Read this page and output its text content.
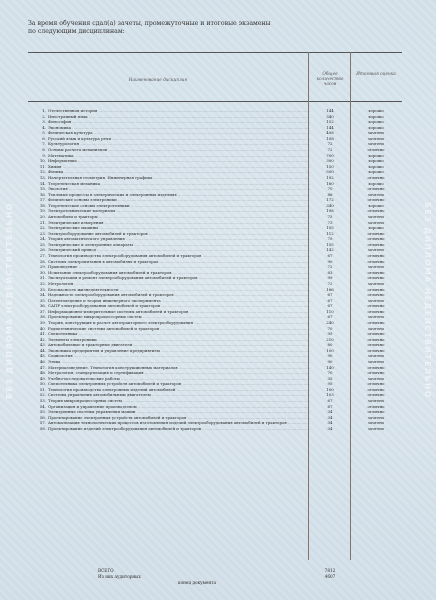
БЕЗ ДИПЛОМА НЕДЕЙСТВИТЕЛЬНО	БЕЗ ДИПЛОМА НЕДЕЙСТВИТЕЛЬНО
За время обучения сдал(а) зачеты, промежуточные и итоговые экзамены
по следующим дисциплинам:
Наименование дисциплин
Общее количество часов
Итоговая оценка
1. Отечественная история .....	144	хорошо
2. Иностранный язык .....	340	хорошо
3. Философия .....	152	хорошо
4. Экономика .....	144	хорошо
5. Физическая культура .....	408	зачтено
6. Русский язык и культура речи .....	108	зачтено
7. Культурология .....	72	зачтено
8. Основы расчета механизмов .....	72	отлично
9. Математика .....	700	хорошо
10. Информатика .....	300	хорошо
11. Химия .....	150	хорошо
12. Физика .....	500	хорошо
13. Начертательная геометрия. Инженерная графика .....	192	отлично
14. Теоретическая механика .....	180	хорошо
15. Экология .....	70	отлично
16. Тепловые процессы в электрических и электронных изделиях .....	86	зачтено
17. Физические основы электроники .....	172	отлично
18. Теоретические основы электротехники .....	340	хорошо
19. Электротехнические материалы .....	198	отлично
20. Автомобили и тракторы .....	75	зачтено
21. Электрические измерения .....	73	зачтено
22. Электрические машины .....	155	хорошо
23. Электрооборудование автомобилей и тракторов .....	112	отлично
24. Теория автоматического управления .....	75	отлично
25. Электрические и электронные аппараты .....	155	отлично
26. Электрический привод .....	142	зачтено
27. Технология производства электрооборудования автомобилей и тракторов .....	67	отлично
28. Системы электропитания в автомобилях и тракторах .....	90	отлично
29. Правоведение .....	72	зачтено
30. Испытание электрооборудования автомобилей и тракторов .....	83	отлично
31. Эксплуатация и ремонт электрооборудования автомобилей и тракторов .....	99	отлично
32. Метрология .....	72	зачтено
33. Безопасность жизнедеятельности .....	166	отлично
34. Надежность электрооборудования автомобилей и тракторов .....	67	отлично
35. Патентоведение и теория инженерного эксперимента .....	67	зачтено
36. САПР электрооборудования автомобилей и тракторов .....	67	отлично
37. Информационно-измерительные системы автомобилей и тракторов .....	110	отлично
38. Проектирование микропроцессорных систем .....	67	зачтено
39. Теория, конструкция и расчет автотракторного электрооборудования .....	240	отлично
40. Радиотехнические системы автомобилей и тракторов .....	70	зачтено
41. Схемотехника .....	95	отлично
42. Элементы электроники .....	210	отлично
43. Автомобильные и тракторные двигатели .....	80	отлично
44. Экономика предприятия и управление предприятием .....	100	отлично
45. Социология .....	90	зачтено
46. Этика .....	90	зачтено
47. Материаловедение. Технология конструкционных материалов .....	140	отлично
48. Метрология, стандартизация и сертификация .....	70	отлично
49. Учебно-исследовательские работы .....	35	зачтено
50. Схемотехника электронных устройств автомобилей и тракторов .....	95	отлично
51. Технология производства электронных изделий автомобилей .....	100	отлично
52. Системы управления автомобильным двигателем .....	103	отлично
53. Теория микропроцессорных систем .....	67	зачтено
54. Организация и управление производством .....	67	отлично
55. Электронные системы управления машин .....	34	отлично
56. Проектирование электронных устройств автомобилей и тракторов .....	34	зачтено
57. Автоматизация технологических процессов изготовления изделий электрооборудования автомобилей и тракторов .....	34	зачтено
58. Проектирование изделий электрооборудования автомобилей и тракторов .....	34	зачтено
ВСЕГО	7812
Из них аудиторных	4607
конец документа
